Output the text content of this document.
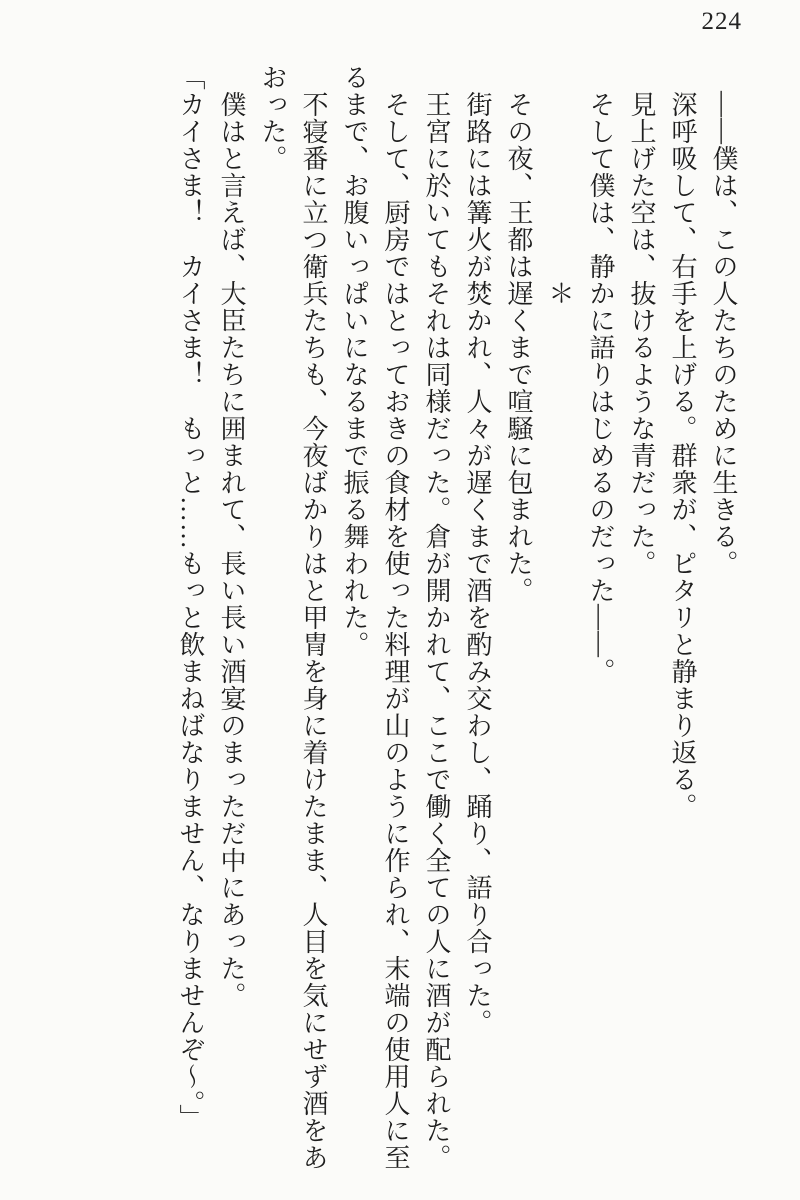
224

　――僕は、この人たちのために生きる。

　深呼吸して、右手を上げる。群衆が、ピタリと静まり返る。

　見上げた空は、抜けるような青だった。

　そして僕は、静かに語りはじめるのだった――。

＊

　その夜、王都は遅くまで喧騒に包まれた。

　街路には篝火が焚かれ、人々が遅くまで酒を酌み交わし、踊り、語り合った。

　王宮に於いてもそれは同様だった。倉が開かれて、ここで働く全ての人に酒が配られた。

　そして、厨房ではとっておきの食材を使った料理が山のように作られ、末端の使用人に至るまで、お腹いっぱいになるまで振る舞われた。

　不寝番に立つ衛兵たちも、今夜ばかりはと甲冑を身に着けたまま、人目を気にせず酒をあおった。

　僕はと言えば、大臣たちに囲まれて、長い長い酒宴のまっただ中にあった。

「カイさま！　カイさま！　もっと……もっと飲まねばなりません、なりませんぞ～。」
